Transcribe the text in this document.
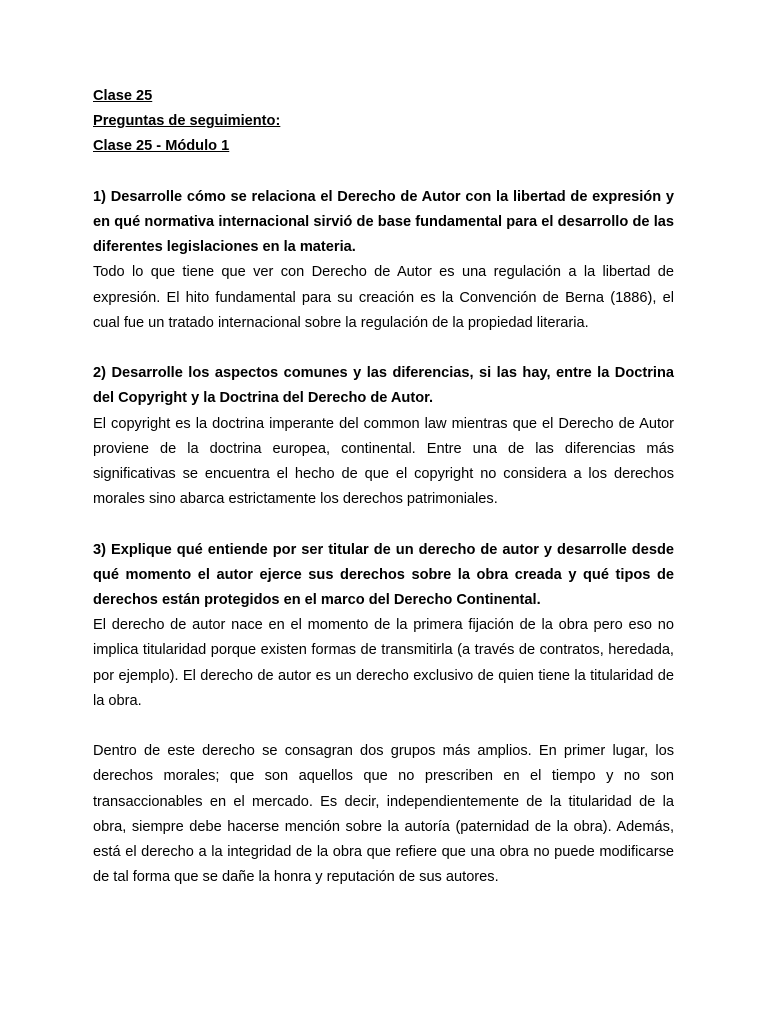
Clase 25

Preguntas de seguimiento:

Clase 25 - Módulo 1

1) Desarrolle cómo se relaciona el Derecho de Autor con la libertad de expresión y en qué normativa internacional sirvió de base fundamental para el desarrollo de las diferentes legislaciones en la materia.

Todo lo que tiene que ver con Derecho de Autor es una regulación a la libertad de expresión. El hito fundamental para su creación es la Convención de Berna (1886), el cual fue un tratado internacional sobre la regulación de la propiedad literaria.

2) Desarrolle los aspectos comunes y las diferencias, si las hay, entre la Doctrina del Copyright y la Doctrina del Derecho de Autor.

El copyright es la doctrina imperante del common law mientras que el Derecho de Autor proviene de la doctrina europea, continental. Entre una de las diferencias más significativas se encuentra el hecho de que el copyright no considera a los derechos morales sino abarca estrictamente los derechos patrimoniales.

3) Explique qué entiende por ser titular de un derecho de autor y desarrolle desde qué momento el autor ejerce sus derechos sobre la obra creada y qué tipos de derechos están protegidos en el marco del Derecho Continental.

El derecho de autor nace en el momento de la primera fijación de la obra pero eso no implica titularidad porque existen formas de transmitirla (a través de contratos, heredada, por ejemplo). El derecho de autor es un derecho exclusivo de quien tiene la titularidad de la obra.

Dentro de este derecho se consagran dos grupos más amplios. En primer lugar, los derechos morales; que son aquellos que no prescriben en el tiempo y no son transaccionables en el mercado. Es decir, independientemente de la titularidad de la obra, siempre debe hacerse mención sobre la autoría (paternidad de la obra). Además, está el derecho a la integridad de la obra que refiere que una obra no puede modificarse de tal forma que se dañe la honra y reputación de sus autores.
